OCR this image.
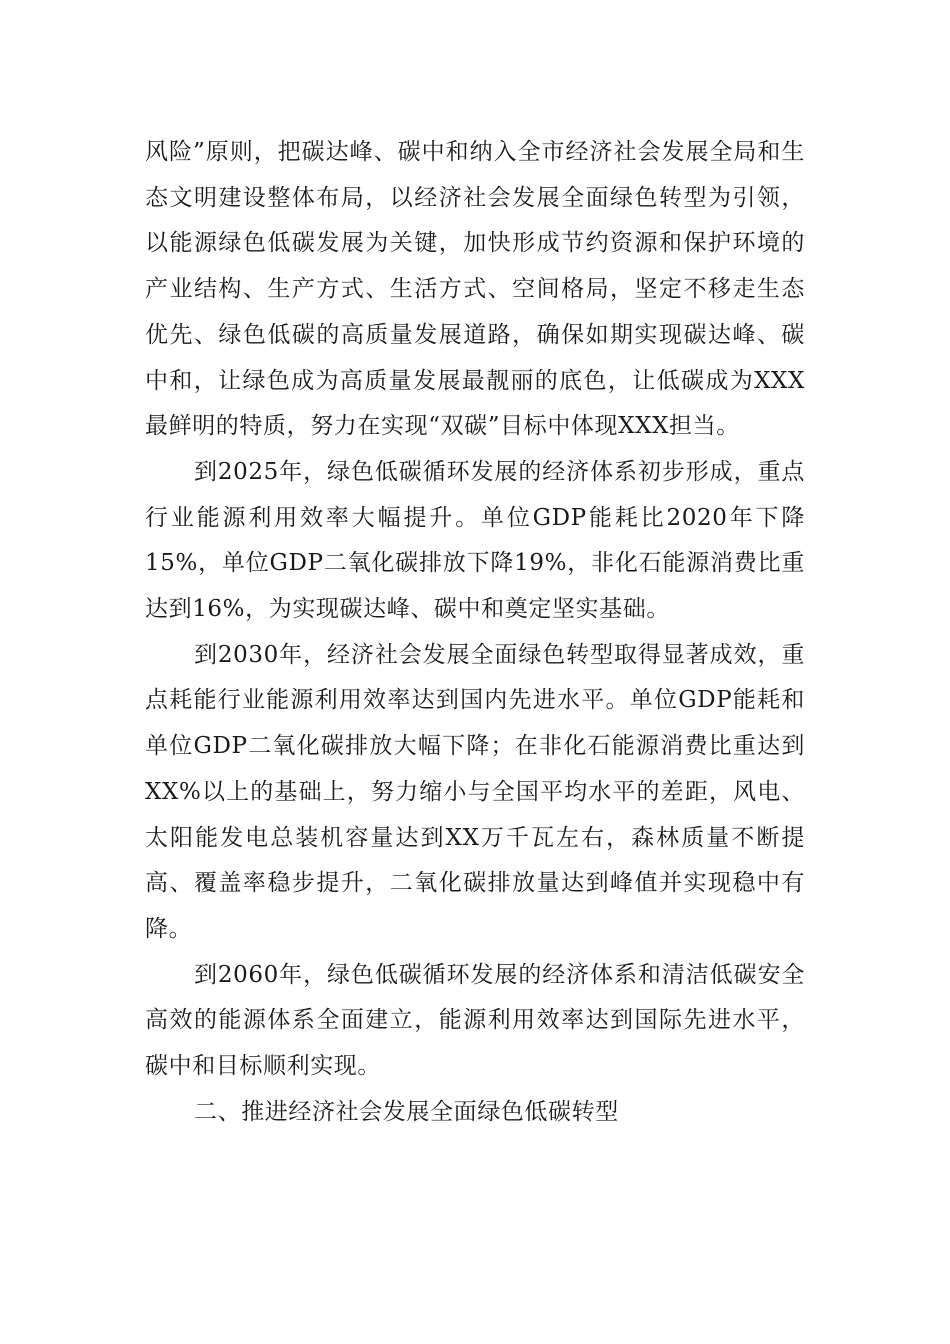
风险”原则，把碳达峰、碳中和纳入全市经济社会发展全局和生态文明建设整体布局，以经济社会发展全面绿色转型为引领，以能源绿色低碳发展为关键，加快形成节约资源和保护环境的产业结构、生产方式、生活方式、空间格局，坚定不移走生态优先、绿色低碳的高质量发展道路，确保如期实现碳达峰、碳中和，让绿色成为高质量发展最靓丽的底色，让低碳成为XXX最鲜明的特质，努力在实现“双碳”目标中体现XXX担当。

到2025年，绿色低碳循环发展的经济体系初步形成，重点行业能源利用效率大幅提升。单位GDP能耗比2020年下降15%，单位GDP二氧化碳排放下降19%，非化石能源消费比重达到16%，为实现碳达峰、碳中和奠定坚实基础。

到2030年，经济社会发展全面绿色转型取得显著成效，重点耗能行业能源利用效率达到国内先进水平。单位GDP能耗和单位GDP二氧化碳排放大幅下降；在非化石能源消费比重达到XX%以上的基础上，努力缩小与全国平均水平的差距，风电、太阳能发电总装机容量达到XX万千瓦左右，森林质量不断提高、覆盖率稳步提升，二氧化碳排放量达到峰值并实现稳中有降。

到2060年，绿色低碳循环发展的经济体系和清洁低碳安全高效的能源体系全面建立，能源利用效率达到国际先进水平，碳中和目标顺利实现。

二、推进经济社会发展全面绿色低碳转型
